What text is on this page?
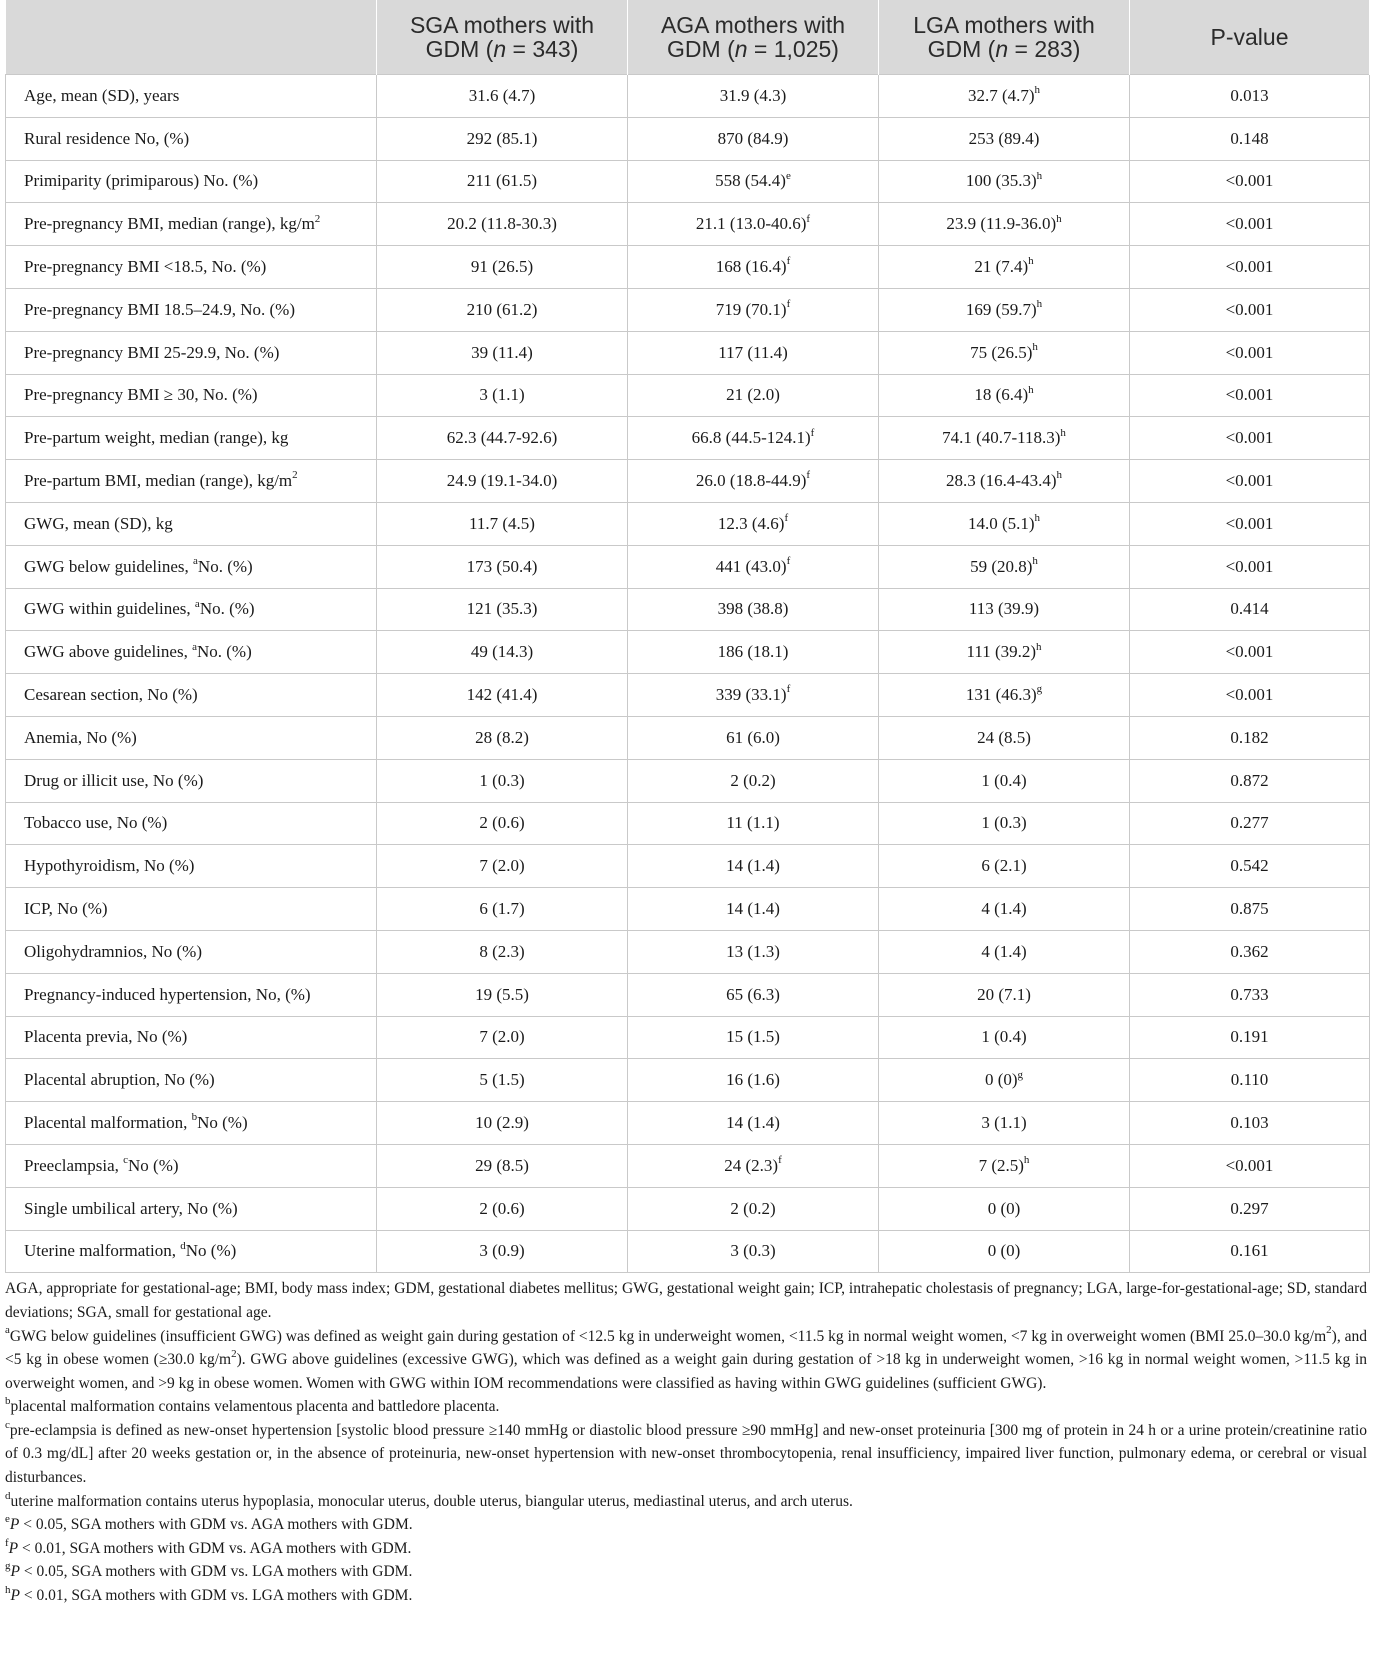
	SGA mothers with GDM (n = 343)	AGA mothers with GDM (n = 1,025)	LGA mothers with GDM (n = 283)	P-value
Age, mean (SD), years	31.6 (4.7)	31.9 (4.3)	32.7 $(4.7)^h$	0.013
Rural residence No, (%)	292 (85.1)	870 (84.9)	253 (89.4)	0.148
Primiparity (primiparous) No. (%)	211 (61.5)	558 $(54.4)^e$	100 $(35.3)^h$	<0.001
Pre-pregnancy BMI, median (range), $kg/m^2$	20.2 (11.8-30.3)	21.1 $(13.0-40.6)^f$	23.9 $(11.9-36.0)^h$	<0.001
Pre-pregnancy BMI <18.5, No. (%)	91 (26.5)	168 $(16.4)^f$	21 $(7.4)^h$	<0.001
Pre-pregnancy BMI 18.5–24.9, No. (%)	210 (61.2)	719 $(70.1)^f$	169 $(59.7)^h$	<0.001
Pre-pregnancy BMI 25-29.9, No. (%)	39 (11.4)	117 (11.4)	75 $(26.5)^h$	<0.001
Pre-pregnancy BMI ≥ 30, No. (%)	3 (1.1)	21 (2.0)	18 $(6.4)^h$	<0.001
Pre-partum weight, median (range), kg	62.3 (44.7-92.6)	66.8 $(44.5-124.1)^f$	74.1 $(40.7-118.3)^h$	<0.001
Pre-partum BMI, median (range), $kg/m^2$	24.9 (19.1-34.0)	26.0 $(18.8-44.9)^f$	28.3 $(16.4-43.4)^h$	<0.001
GWG, mean (SD), kg	11.7 (4.5)	12.3 $(4.6)^f$	14.0 $(5.1)^h$	<0.001
GWG below guidelines, $^a$No. (%)	173 (50.4)	441 $(43.0)^f$	59 $(20.8)^h$	<0.001
GWG within guidelines, $^a$No. (%)	121 (35.3)	398 (38.8)	113 (39.9)	0.414
GWG above guidelines, $^a$No. (%)	49 (14.3)	186 (18.1)	111 $(39.2)^h$	<0.001
Cesarean section, No (%)	142 (41.4)	339 $(33.1)^f$	131 $(46.3)^g$	<0.001
Anemia, No (%)	28 (8.2)	61 (6.0)	24 (8.5)	0.182
Drug or illicit use, No (%)	1 (0.3)	2 (0.2)	1 (0.4)	0.872
Tobacco use, No (%)	2 (0.6)	11 (1.1)	1 (0.3)	0.277
Hypothyroidism, No (%)	7 (2.0)	14 (1.4)	6 (2.1)	0.542
ICP, No (%)	6 (1.7)	14 (1.4)	4 (1.4)	0.875
Oligohydramnios, No (%)	8 (2.3)	13 (1.3)	4 (1.4)	0.362
Pregnancy-induced hypertension, No, (%)	19 (5.5)	65 (6.3)	20 (7.1)	0.733
Placenta previa, No (%)	7 (2.0)	15 (1.5)	1 (0.4)	0.191
Placental abruption, No (%)	5 (1.5)	16 (1.6)	0 $(0)^g$	0.110
Placental malformation, $^b$No (%)	10 (2.9)	14 (1.4)	3 (1.1)	0.103
Preeclampsia, $^c$No (%)	29 (8.5)	24 $(2.3)^f$	7 $(2.5)^h$	<0.001
Single umbilical artery, No (%)	2 (0.6)	2 (0.2)	0 (0)	0.297
Uterine malformation, $^d$No (%)	3 (0.9)	3 (0.3)	0 (0)	0.161

AGA, appropriate for gestational-age; BMI, body mass index; GDM, gestational diabetes mellitus; GWG, gestational weight gain; ICP, intrahepatic cholestasis of pregnancy; LGA, large-for-gestational-age; SD, standard deviations; SGA, small for gestational age.

$^a$GWG below guidelines (insufficient GWG) was defined as weight gain during gestation of <12.5 kg in underweight women, <11.5 kg in normal weight women, <7 kg in overweight women (BMI 25.0–30.0 $kg/m^2$), and <5 kg in obese women (≥30.0 $kg/m^2$). GWG above guidelines (excessive GWG), which was defined as a weight gain during gestation of >18 kg in underweight women, >16 kg in normal weight women, >11.5 kg in overweight women, and >9 kg in obese women. Women with GWG within IOM recommendations were classified as having within GWG guidelines (sufficient GWG).

$^b$placental malformation contains velamentous placenta and battledore placenta.

$^c$pre-eclampsia is defined as new-onset hypertension [systolic blood pressure ≥140 mmHg or diastolic blood pressure ≥90 mmHg] and new-onset proteinuria [300 mg of protein in 24 h or a urine protein/creatinine ratio of 0.3 mg/dL] after 20 weeks gestation or, in the absence of proteinuria, new-onset hypertension with new-onset thrombocytopenia, renal insufficiency, impaired liver function, pulmonary edema, or cerebral or visual disturbances.

$^d$uterine malformation contains uterus hypoplasia, monocular uterus, double uterus, biangular uterus, mediastinal uterus, and arch uterus.

$^e$P < 0.05, SGA mothers with GDM vs. AGA mothers with GDM.

$^f$P < 0.01, SGA mothers with GDM vs. AGA mothers with GDM.

$^g$P < 0.05, SGA mothers with GDM vs. LGA mothers with GDM.

$^h$P < 0.01, SGA mothers with GDM vs. LGA mothers with GDM.
